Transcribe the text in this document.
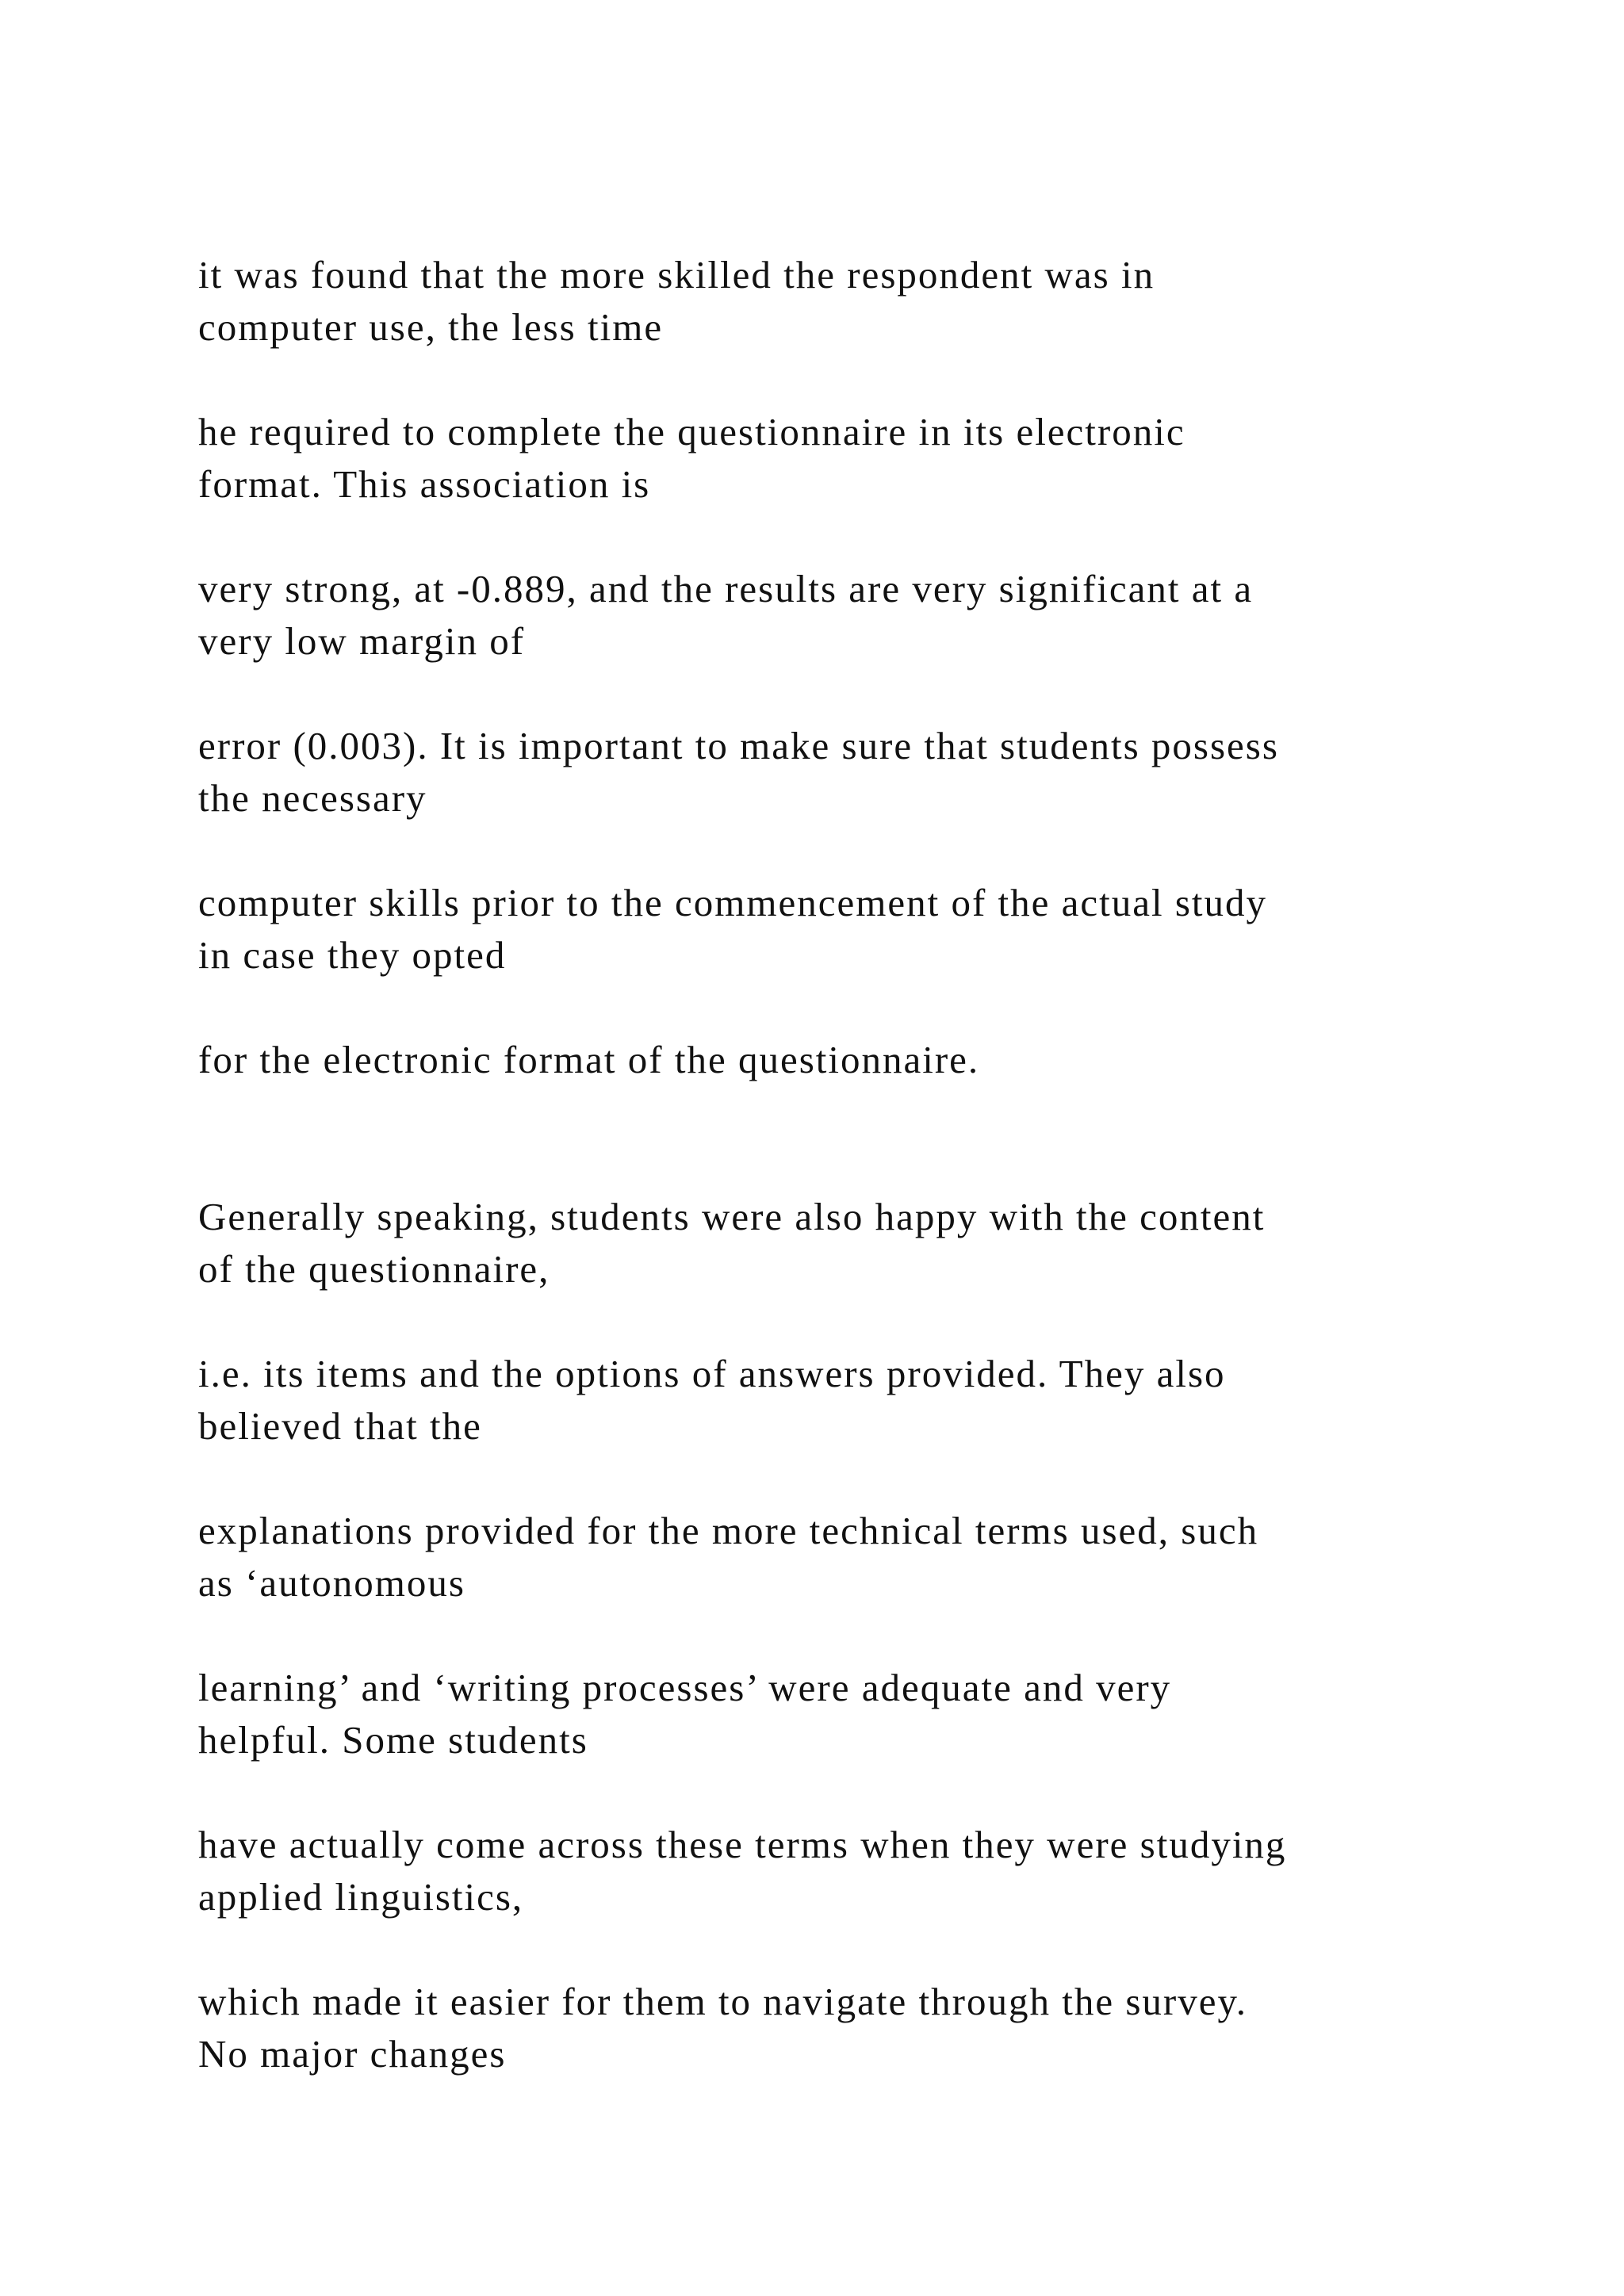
it was found that the more skilled the respondent was in
computer use, the less time

he required to complete the questionnaire in its electronic
format. This association is

very strong, at -0.889, and the results are very significant at a
very low margin of

error (0.003). It is important to make sure that students possess
the necessary

computer skills prior to the commencement of the actual study
in case they opted

for the electronic format of the questionnaire.

Generally speaking, students were also happy with the content
of the questionnaire,

i.e. its items and the options of answers provided. They also
believed that the

explanations provided for the more technical terms used, such
as ‘autonomous

learning’ and ‘writing processes’ were adequate and very
helpful. Some students

have actually come across these terms when they were studying
applied linguistics,

which made it easier for them to navigate through the survey.
No major changes
